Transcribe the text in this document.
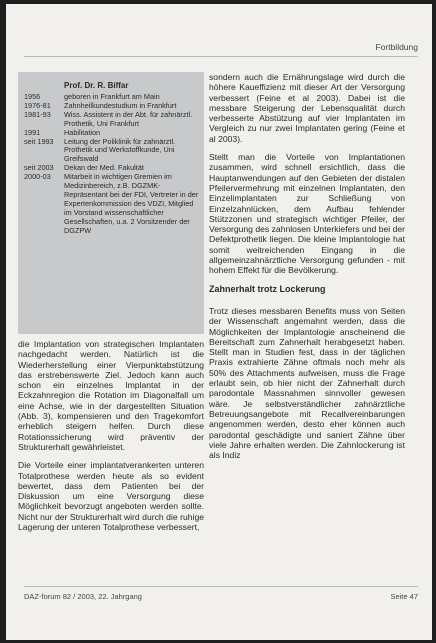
Fortbildung
Prof. Dr. R. Biffar
1956	geboren in Frankfurt am Main
1976-81	Zahnheilkundestudium in Frankfurt
1981-93	Wiss. Assistent in der Abt. für zahnärztl. Prothetik, Uni Frankfurt
1991	Habilitation
seit 1993	Leitung der Poliklinik für zahnärztl. Prothetik und Werkstoffkunde, Uni Greifswald
seit 2003	Dekan der Med. Fakultät
2000-03	Mitarbeit in wichtigen Gremien im Medizinbereich, z.B. DGZMK-Repräsentant bei der FDI, Vertreter in der Expertenkommission des VDZI, Mitglied im Vorstand wissenschaftlicher Gesellschaften, u.a. 2 Vorsitzender der DGZPW

die Implantation von strategischen Implantaten nachgedacht werden. Natürlich ist die Wiederherstellung einer Vierpunktabstützung das erstrebenswerte Ziel. Jedoch kann auch schon ein einzelnes Implantat in der Eckzahnregion die Rotation im Diagonalfall um eine Achse, wie in der dargestellten Situation (Abb. 3), kompensieren und den Tragekomfort erheblich steigern helfen. Durch diese Rotationssicherung wird präventiv der Strukturerhalt gewährleistet.

Die Vorteile einer implantatverankerten unteren Totalprothese werden heute als so evident bewertet, dass dem Patienten bei der Diskussion um eine Versorgung diese Möglichkeit bevorzugt angeboten werden sollte. Nicht nur der Strukturerhalt wird durch die ruhige Lagerung der unteren Totalprothese verbessert,

sondern auch die Ernährungslage wird durch die höhere Kaueffizienz mit dieser Art der Versorgung verbessert (Feine et al 2003). Dabei ist die messbare Steigerung der Lebensqualität durch verbesserte Abstützung auf vier Implantaten im Vergleich zu nur zwei Implantaten gering (Feine et al 2003).

Stellt man die Vorteile von Implantationen zusammen, wird schnell ersichtlich, dass die Hauptanwendungen auf den Gebieten der distalen Pfeilervermehrung mit einzelnen Implantaten, den Einzelimplantaten zur Schließung von Einzelzahnlücken, dem Aufbau fehlender Stützzonen und strategisch wichtiger Pfeiler, der Versorgung des zahnlosen Unterkiefers und bei der Defektprothetik liegen. Die kleine Implantologie hat somit weitreichenden Eingang in die allgemeinzahnärztliche Versorgung gefunden - mit hohem Effekt für die Bevölkerung.

Zahnerhalt trotz Lockerung

Trotz dieses messbaren Benefits muss von Seiten der Wissenschaft angemahnt werden, dass die Möglichkeiten der Implantologie anscheinend die Bereitschaft zum Zahnerhalt herabgesetzt haben. Stellt man in Studien fest, dass in der täglichen Praxis extrahierte Zähne oftmals noch mehr als 50% des Attachments aufweisen, muss die Frage erlaubt sein, ob hier nicht der Zahnerhalt durch parodontale Massnahmen sinnvoller gewesen wäre. Je selbstverständlicher zahnärztliche Betreuungsangebote mit Recallvereinbarungen angenommen werden, desto eher können auch parodontal geschädigte und saniert Zähne über viele Jahre erhalten werden. Die Zahnlockerung ist als Indiz

DAZ-forum 82 / 2003, 22. Jahrgang	Seite 47
